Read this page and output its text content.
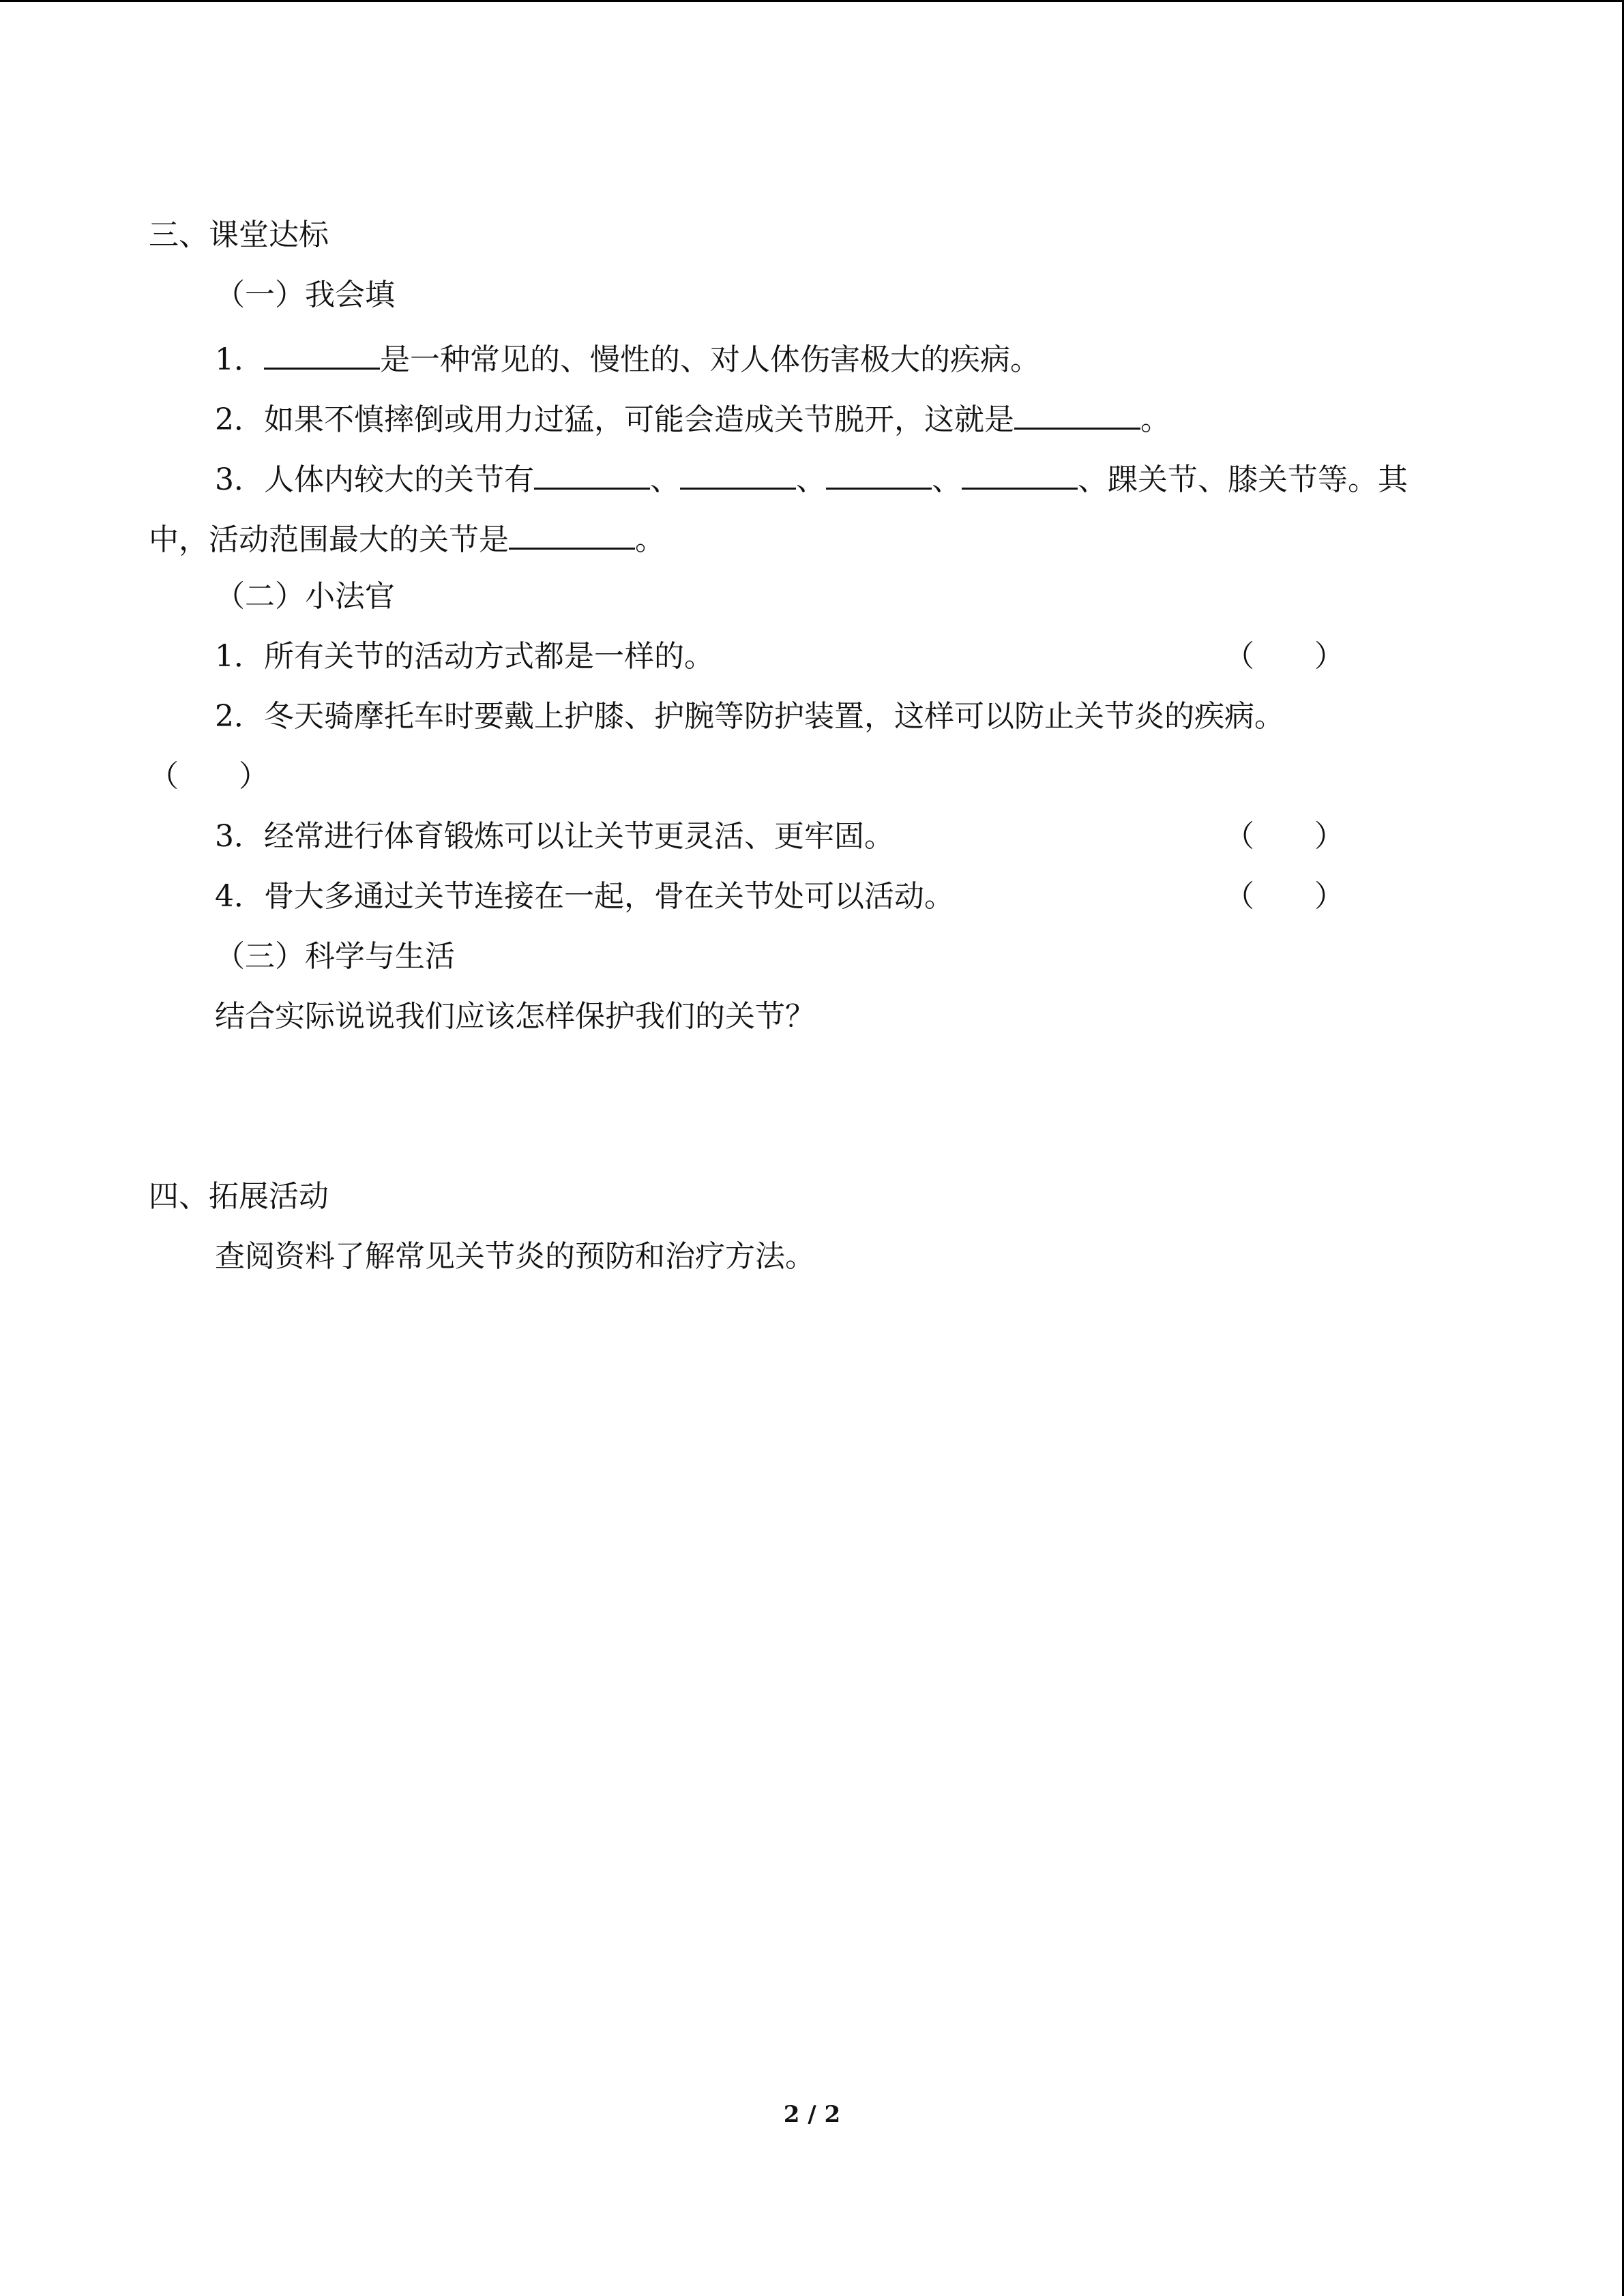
三、课堂达标
（一）我会填
1．	是一种常见的、慢性的、对人体伤害极大的疾病。
2．如果不慎摔倒或用力过猛，可能会造成关节脱开，这就是	。
3．人体内较大的关节有	、	、	、	、踝关节、膝关节等。其
中，活动范围最大的关节是	。
（二）小法官
1．所有关节的活动方式都是一样的。	（　　）
2．冬天骑摩托车时要戴上护膝、护腕等防护装置，这样可以防止关节炎的疾病。
（　　）
3．经常进行体育锻炼可以让关节更灵活、更牢固。	（　　）
4．骨大多通过关节连接在一起，骨在关节处可以活动。	（　　）
（三）科学与生活
结合实际说说我们应该怎样保护我们的关节？
四、拓展活动
查阅资料了解常见关节炎的预防和治疗方法。
2 / 2
